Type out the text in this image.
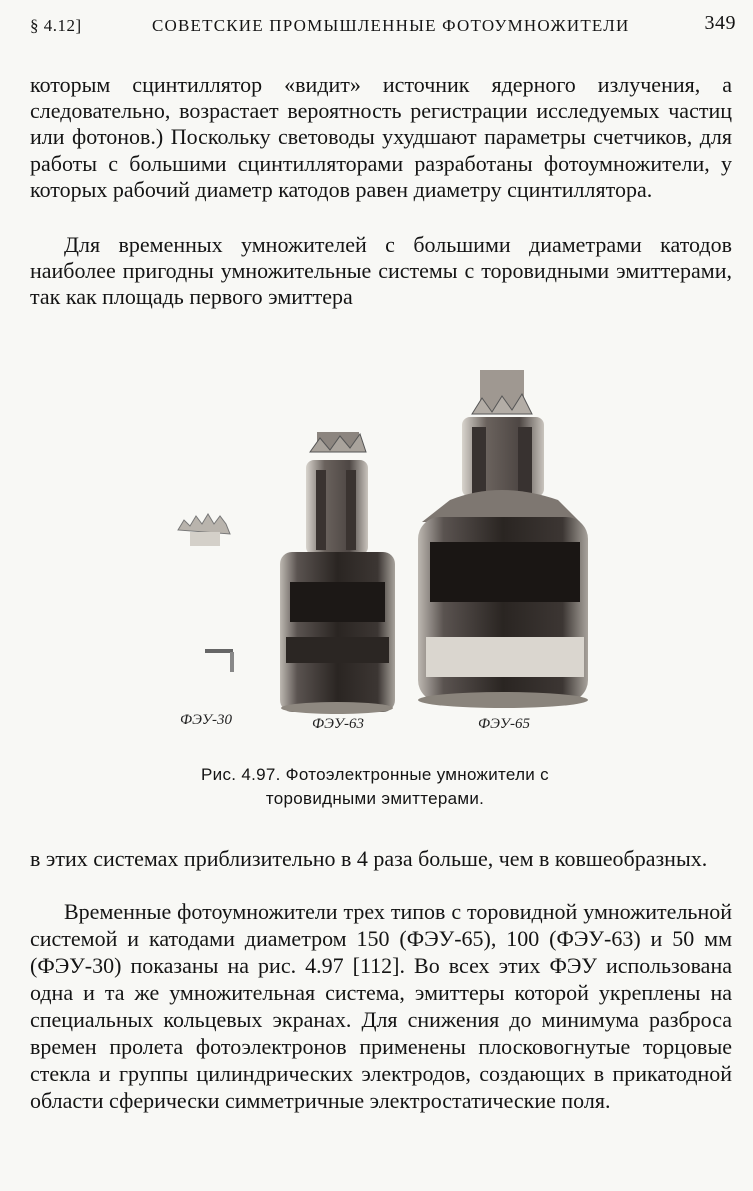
§ 4.12]	СОВЕТСКИЕ ПРОМЫШЛЕННЫЕ ФОТОУМНОЖИТЕЛИ	349

которым сцинтиллятор «видит» источник ядерного излучения, а следовательно, возрастает вероятность регистрации исследуемых частиц или фотонов.) Поскольку световоды ухудшают параметры счетчиков, для работы с большими сцинтилляторами разработаны фотоумножители, у которых рабочий диаметр катодов равен диаметру сцинтиллятора.

Для временных умножителей с большими диаметрами катодов наиболее пригодны умножительные системы с торовидными эмиттерами, так как площадь первого эмиттера

ФЭУ-30	ФЭУ-63	ФЭУ-65
Рис. 4.97. Фотоэлектронные умножители с
торовидными эмиттерами.

в этих системах приблизительно в 4 раза больше, чем в ковшеобразных.

Временные фотоумножители трех типов с торовидной умножительной системой и катодами диаметром 150 (ФЭУ-65), 100 (ФЭУ-63) и 50 мм (ФЭУ-30) показаны на рис. 4.97 [112]. Во всех этих ФЭУ использована одна и та же умножительная система, эмиттеры которой укреплены на специальных кольцевых экранах. Для снижения до минимума разброса времен пролета фотоэлектронов применены плосковогнутые торцовые стекла и группы цилиндрических электродов, создающих в прикатодной области сферически симметричные электростатические поля.
